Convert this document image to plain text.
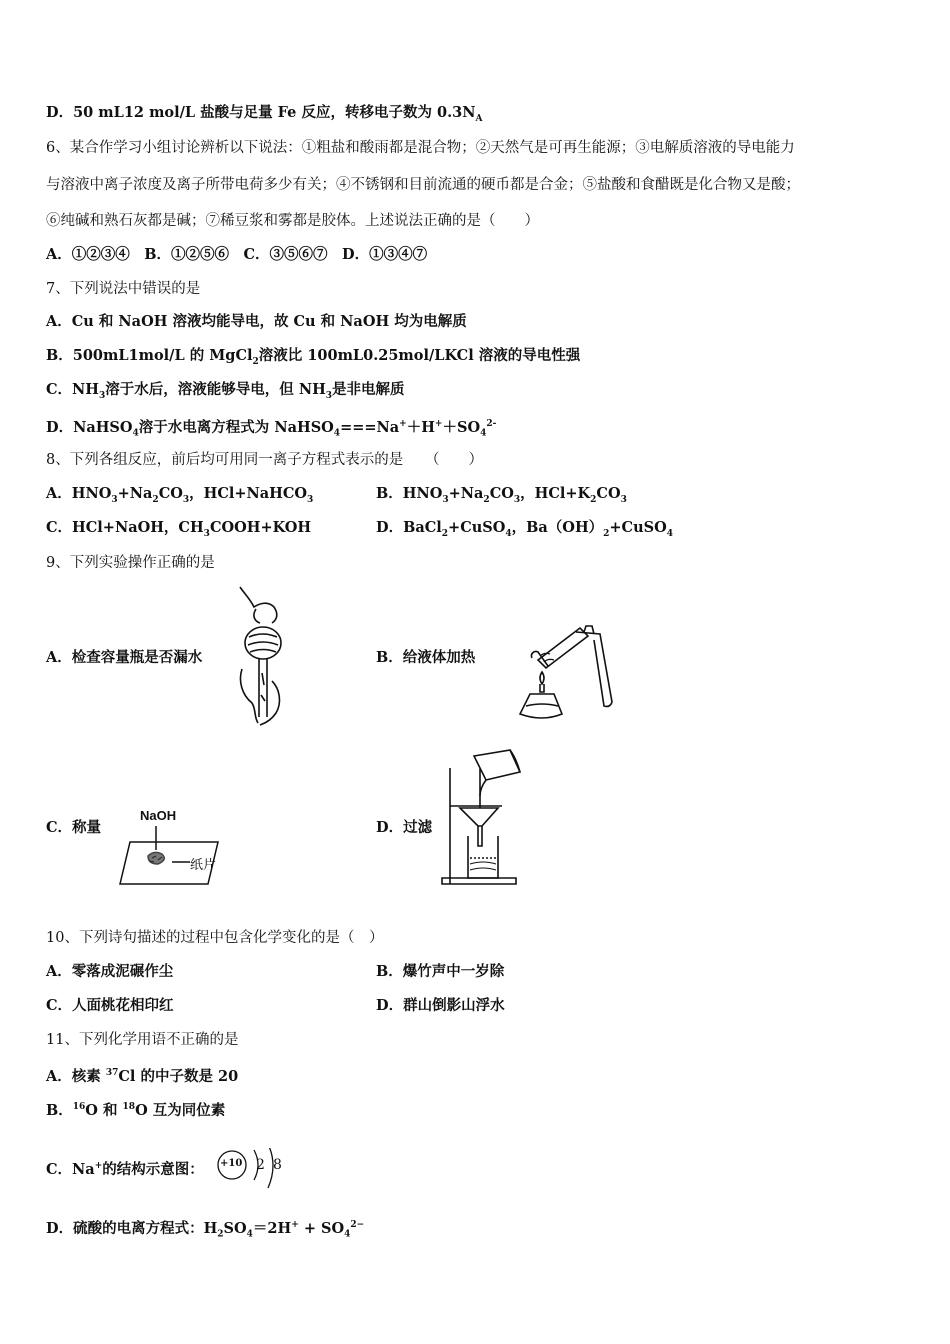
D．50 mL12 mol/L 盐酸与足量 Fe 反应，转移电子数为 $0.3N_A$
6、某合作学习小组讨论辨析以下说法：①粗盐和酸雨都是混合物；②天然气是可再生能源；③电解质溶液的导电能力
与溶液中离子浓度及离子所带电荷多少有关；④不锈钢和目前流通的硬币都是合金；⑤盐酸和食醋既是化合物又是酸；
⑥纯碱和熟石灰都是碱；⑦稀豆浆和雾都是胶体。上述说法正确的是（　　）
A．①②③④　B．①②⑤⑥　C．③⑤⑥⑦　D．①③④⑦
7、下列说法中错误的是
A．Cu 和 NaOH 溶液均能导电，故 Cu 和 NaOH 均为电解质
B．500mL1mol/L 的 MgCl$_2$溶液比 100mL0.25mol/LKCl 溶液的导电性强
C．$NH_3$溶于水后，溶液能够导电，但 $NH_3$是非电解质
D．NaHSO$_4$溶于水电离方程式为 $NaHSO_4===Na^++H^++SO_4^{2-}$
8、下列各组反应，前后均可用同一离子方程式表示的是　　（　　）
A．$HNO_3+Na_2CO_3$，HCl+NaHCO$_3$	B．$HNO_3+Na_2CO_3$，$HCl+K_2CO_3$
C．HCl+NaOH，$CH_3COOH+KOH$	D．BaCl$_2$+CuSO$_4$，$Ba(OH)_2+CuSO_4$
9、下列实验操作正确的是
A．检查容量瓶是否漏水	B．给液体加热
C．称量	D．过滤
NaOH
纸片
10、下列诗句描述的过程中包含化学变化的是（　）
A．零落成泥碾作尘	B．爆竹声中一岁除
C．人面桃花相印红	D．群山倒影山浮水
11、下列化学用语不正确的是
A．核素 $^{37}$Cl 的中子数是 20
B．$^{16}$O 和 $^{18}$O 互为同位素
C．Na+的结构示意图： +10 2 8
D．硫酸的电离方程式：$H_2SO_4=2H^+ + SO_4^{2-}$
